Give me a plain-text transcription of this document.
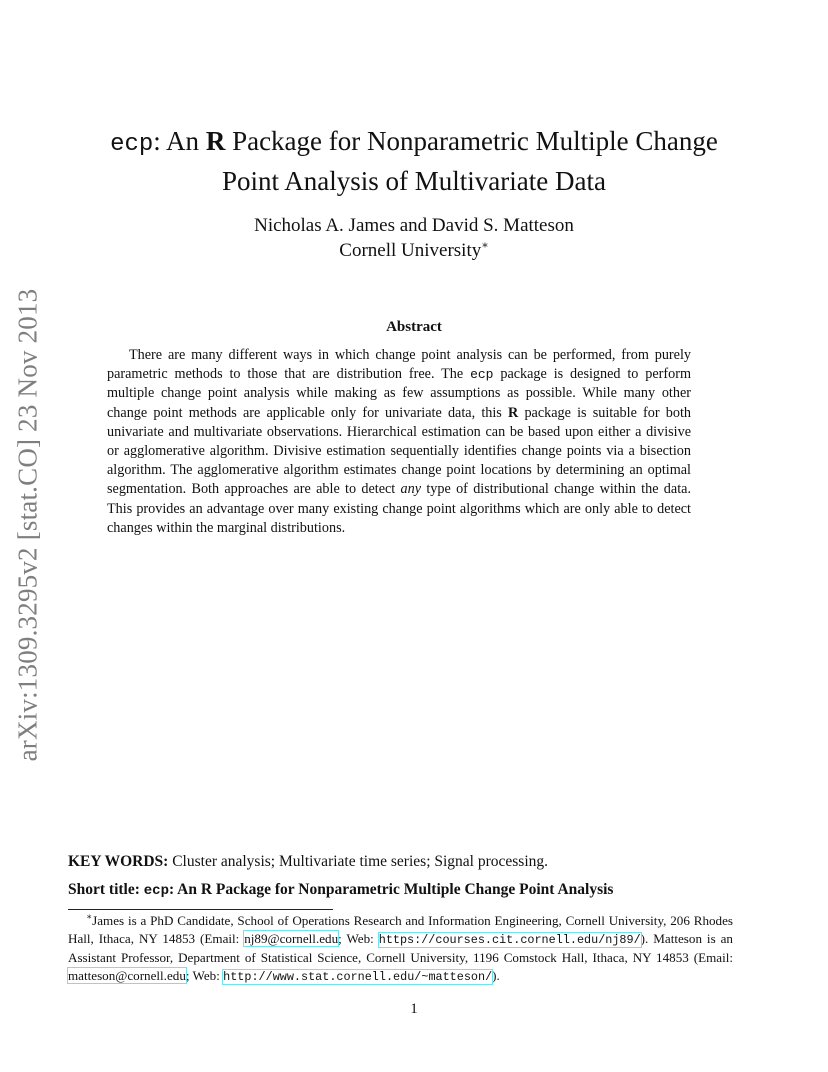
arXiv:1309.3295v2 [stat.CO] 23 Nov 2013
ecp: An R Package for Nonparametric Multiple Change
Point Analysis of Multivariate Data
Nicholas A. James and David S. Matteson
Cornell University∗
Abstract
There are many different ways in which change point analysis can be performed, from purely parametric methods to those that are distribution free. The ecp package is designed to perform multiple change point analysis while making as few assumptions as possible. While many other change point methods are applicable only for univariate data, this R package is suitable for both univariate and multivariate observations. Hierarchical estimation can be based upon either a divisive or agglomerative algorithm. Divisive estimation sequentially identifies change points via a bisection algorithm. The agglomerative algorithm estimates change point locations by determining an optimal segmentation. Both approaches are able to detect any type of distributional change within the data. This provides an advantage over many existing change point algorithms which are only able to detect changes within the marginal distributions.
KEY WORDS: Cluster analysis; Multivariate time series; Signal processing.
Short title: ecp: An R Package for Nonparametric Multiple Change Point Analysis
∗James is a PhD Candidate, School of Operations Research and Information Engineering, Cornell University, 206 Rhodes Hall, Ithaca, NY 14853 (Email: nj89@cornell.edu; Web: https://courses.cit.cornell.edu/nj89/). Matteson is an Assistant Professor, Department of Statistical Science, Cornell University, 1196 Comstock Hall, Ithaca, NY 14853 (Email: matteson@cornell.edu; Web: http://www.stat.cornell.edu/~matteson/).
1
